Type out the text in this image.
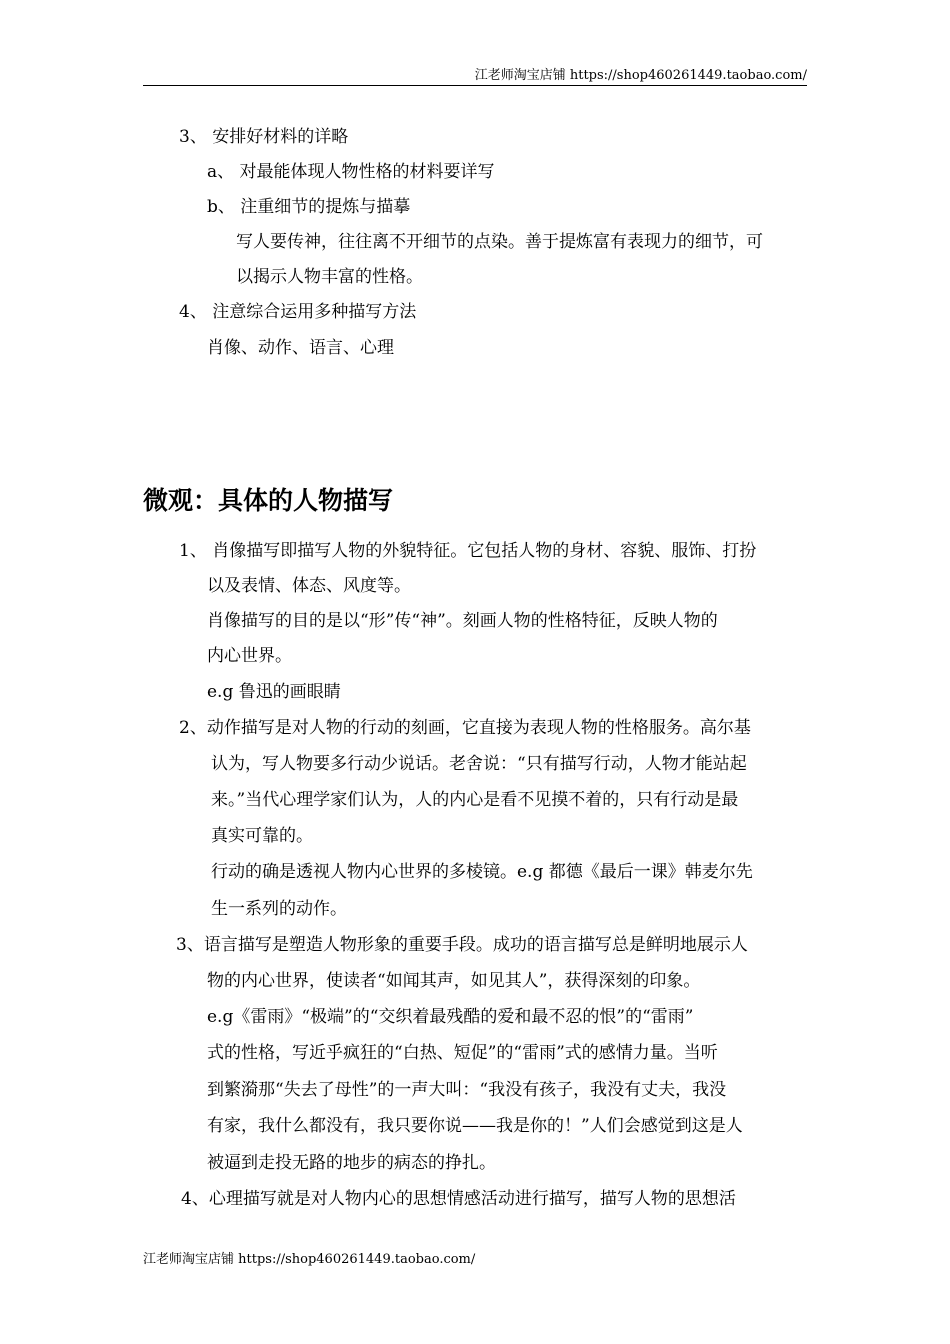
江老师淘宝店铺 https://shop460261449.taobao.com/
3、 安排好材料的详略
a、 对最能体现人物性格的材料要详写
b、 注重细节的提炼与描摹
写人要传神，往往离不开细节的点染。善于提炼富有表现力的细节，可
以揭示人物丰富的性格。
4、 注意综合运用多种描写方法
肖像、动作、语言、心理
微观：具体的人物描写
1、 肖像描写即描写人物的外貌特征。它包括人物的身材、容貌、服饰、打扮
以及表情、体态、风度等。
肖像描写的目的是以“形”传“神”。刻画人物的性格特征，反映人物的
内心世界。
e.g 鲁迅的画眼睛
2、动作描写是对人物的行动的刻画，它直接为表现人物的性格服务。高尔基
认为，写人物要多行动少说话。老舍说：“只有描写行动，人物才能站起
来。”当代心理学家们认为，人的内心是看不见摸不着的，只有行动是最
真实可靠的。
行动的确是透视人物内心世界的多棱镜。e.g 都德《最后一课》韩麦尔先
生一系列的动作。
3、语言描写是塑造人物形象的重要手段。成功的语言描写总是鲜明地展示人
物的内心世界，使读者“如闻其声，如见其人”，获得深刻的印象。
e.g《雷雨》“极端”的“交织着最残酷的爱和最不忍的恨”的“雷雨”
式的性格，写近乎疯狂的“白热、短促”的“雷雨”式的感情力量。当听
到繁漪那“失去了母性”的一声大叫：“我没有孩子，我没有丈夫，我没
有家，我什么都没有，我只要你说——我是你的！”人们会感觉到这是人
被逼到走投无路的地步的病态的挣扎。
4、心理描写就是对人物内心的思想情感活动进行描写，描写人物的思想活
江老师淘宝店铺 https://shop460261449.taobao.com/
